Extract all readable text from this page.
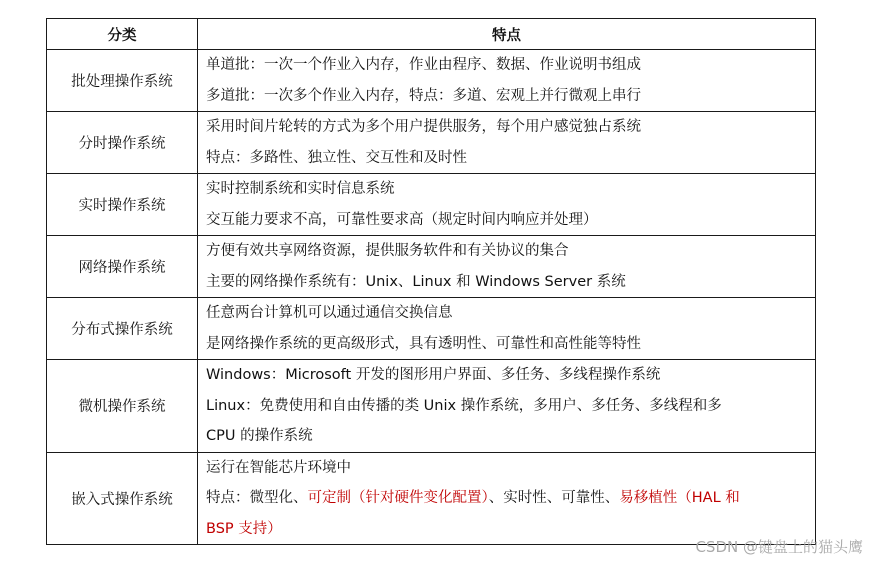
分类	特点
批处理操作系统	单道批：一次一个作业入内存，作业由程序、数据、作业说明书组成
多道批：一次多个作业入内存，特点：多道、宏观上并行微观上串行

分时操作系统	采用时间片轮转的方式为多个用户提供服务，每个用户感觉独占系统
特点：多路性、独立性、交互性和及时性

实时操作系统	实时控制系统和实时信息系统
交互能力要求不高，可靠性要求高（规定时间内响应并处理）

网络操作系统	方便有效共享网络资源，提供服务软件和有关协议的集合
主要的网络操作系统有：Unix、Linux 和 Windows Server 系统

分布式操作系统	任意两台计算机可以通过通信交换信息
是网络操作系统的更高级形式，具有透明性、可靠性和高性能等特性

微机操作系统	Windows：Microsoft 开发的图形用户界面、多任务、多线程操作系统
Linux：免费使用和自由传播的类 Unix 操作系统，多用户、多任务、多线程和多
CPU 的操作系统

嵌入式操作系统	运行在智能芯片环境中
特点：微型化、可定制（针对硬件变化配置）、实时性、可靠性、易移植性（HAL 和
BSP 支持）
CSDN @键盘上的猫头鹰
